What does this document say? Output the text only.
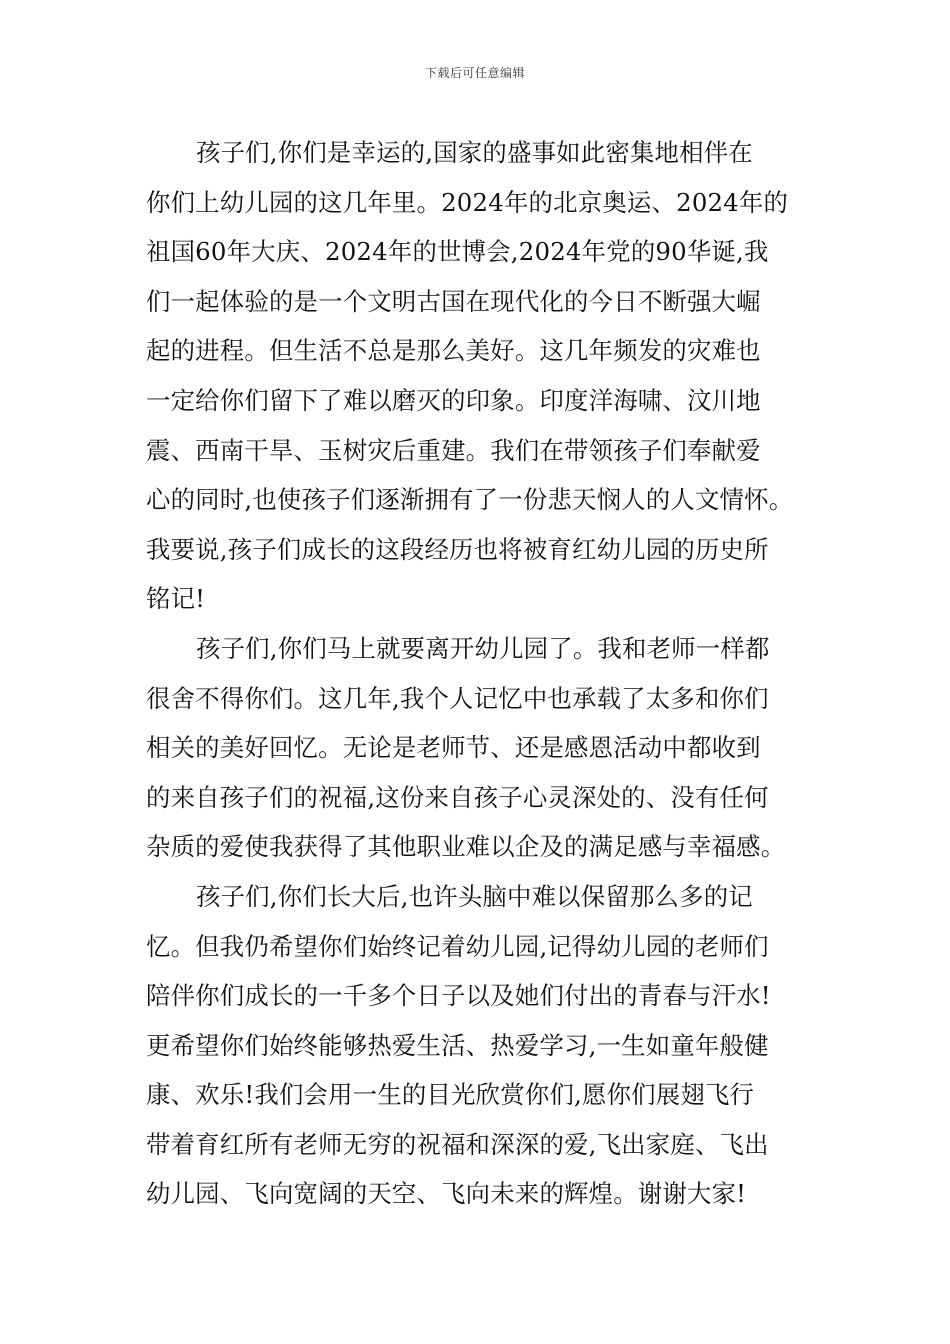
下载后可任意编辑
孩子们,你们是幸运的,国家的盛事如此密集地相伴在
你们上幼儿园的这几年里。2024年的北京奥运、2024年的
祖国60年大庆、2024年的世博会,2024年党的90华诞,我
们一起体验的是一个文明古国在现代化的今日不断强大崛
起的进程。但生活不总是那么美好。这几年频发的灾难也
一定给你们留下了难以磨灭的印象。印度洋海啸、汶川地
震、西南干旱、玉树灾后重建。我们在带领孩子们奉献爱
心的同时,也使孩子们逐渐拥有了一份悲天悯人的人文情怀。
我要说,孩子们成长的这段经历也将被育红幼儿园的历史所
铭记!
孩子们,你们马上就要离开幼儿园了。我和老师一样都
很舍不得你们。这几年,我个人记忆中也承载了太多和你们
相关的美好回忆。无论是老师节、还是感恩活动中都收到
的来自孩子们的祝福,这份来自孩子心灵深处的、没有任何
杂质的爱使我获得了其他职业难以企及的满足感与幸福感。
孩子们,你们长大后,也许头脑中难以保留那么多的记
忆。但我仍希望你们始终记着幼儿园,记得幼儿园的老师们
陪伴你们成长的一千多个日子以及她们付出的青春与汗水!
更希望你们始终能够热爱生活、热爱学习,一生如童年般健
康、欢乐!我们会用一生的目光欣赏你们,愿你们展翅飞行
带着育红所有老师无穷的祝福和深深的爱,飞出家庭、飞出
幼儿园、飞向宽阔的天空、飞向未来的辉煌。谢谢大家!
